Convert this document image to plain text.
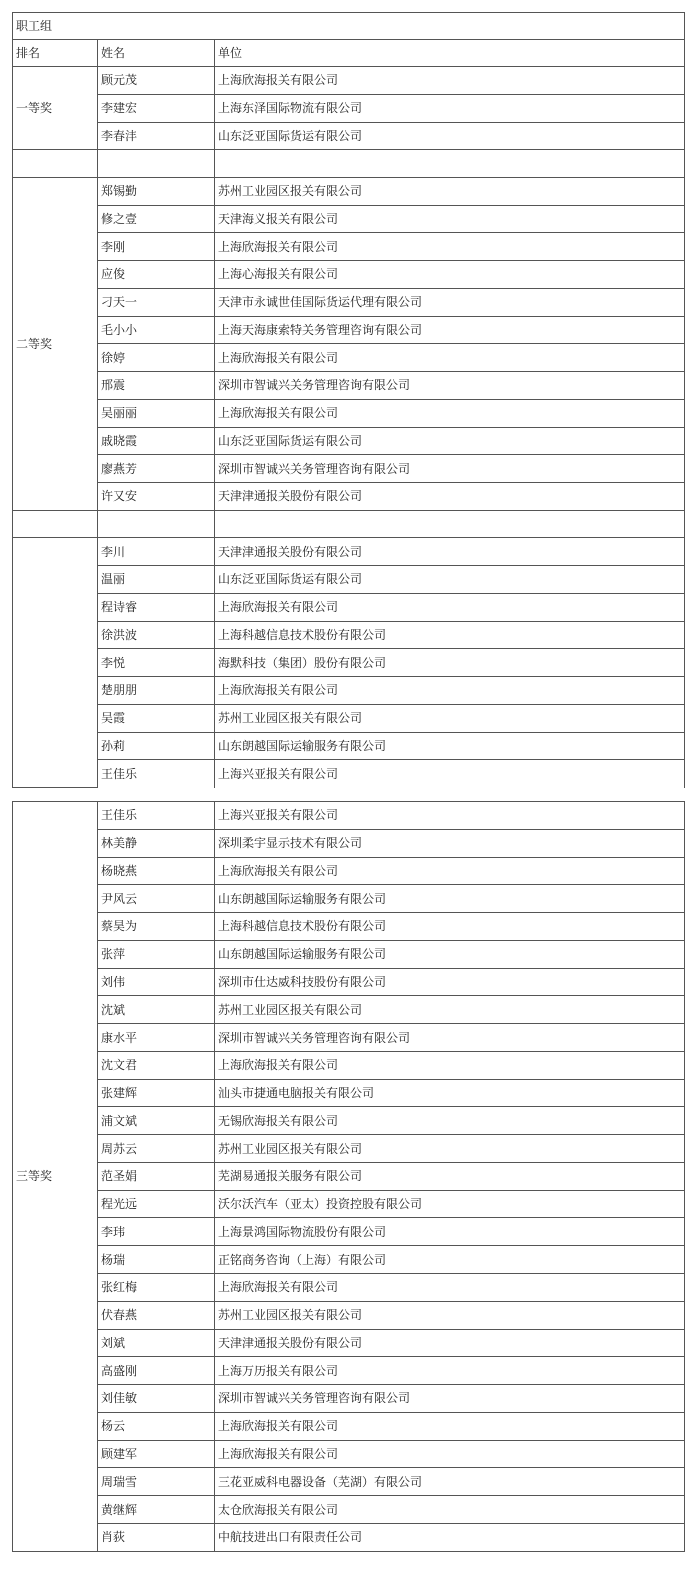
职工组		
排名	姓名	单位
一等奖	顾元茂	上海欣海报关有限公司
	李建宏	上海东泽国际物流有限公司
	李春沣	山东泛亚国际货运有限公司

二等奖	郑锡勤	苏州工业园区报关有限公司
	修之壹	天津海义报关有限公司
	李刚	上海欣海报关有限公司
	应俊	上海心海报关有限公司
	刁天一	天津市永诚世佳国际货运代理有限公司
	毛小小	上海天海康索特关务管理咨询有限公司
	徐婷	上海欣海报关有限公司
	邢震	深圳市智诚兴关务管理咨询有限公司
	吴丽丽	上海欣海报关有限公司
	戚晓霞	山东泛亚国际货运有限公司
	廖燕芳	深圳市智诚兴关务管理咨询有限公司
	许又安	天津津通报关股份有限公司

	李川	天津津通报关股份有限公司
	温丽	山东泛亚国际货运有限公司
	程诗睿	上海欣海报关有限公司
	徐洪波	上海科越信息技术股份有限公司
	李悦	海默科技（集团）股份有限公司
	楚朋朋	上海欣海报关有限公司
	吴霞	苏州工业园区报关有限公司
	孙莉	山东朗越国际运输服务有限公司
	王佳乐	上海兴亚报关有限公司
三等奖	王佳乐	上海兴亚报关有限公司
	林美静	深圳柔宇显示技术有限公司
	杨晓燕	上海欣海报关有限公司
	尹风云	山东朗越国际运输服务有限公司
	蔡昊为	上海科越信息技术股份有限公司
	张萍	山东朗越国际运输服务有限公司
	刘伟	深圳市仕达威科技股份有限公司
	沈斌	苏州工业园区报关有限公司
	康水平	深圳市智诚兴关务管理咨询有限公司
	沈文君	上海欣海报关有限公司
	张建辉	汕头市捷通电脑报关有限公司
	浦文斌	无锡欣海报关有限公司
	周苏云	苏州工业园区报关有限公司
	范圣娟	芜湖易通报关服务有限公司
	程光远	沃尔沃汽车（亚太）投资控股有限公司
	李玮	上海景鸿国际物流股份有限公司
	杨瑞	正铭商务咨询（上海）有限公司
	张红梅	上海欣海报关有限公司
	伏春燕	苏州工业园区报关有限公司
	刘斌	天津津通报关股份有限公司
	高盛刚	上海万历报关有限公司
	刘佳敏	深圳市智诚兴关务管理咨询有限公司
	杨云	上海欣海报关有限公司
	顾建军	上海欣海报关有限公司
	周瑞雪	三花亚威科电器设备（芜湖）有限公司
	黄继辉	太仓欣海报关有限公司
	肖荻	中航技进出口有限责任公司
